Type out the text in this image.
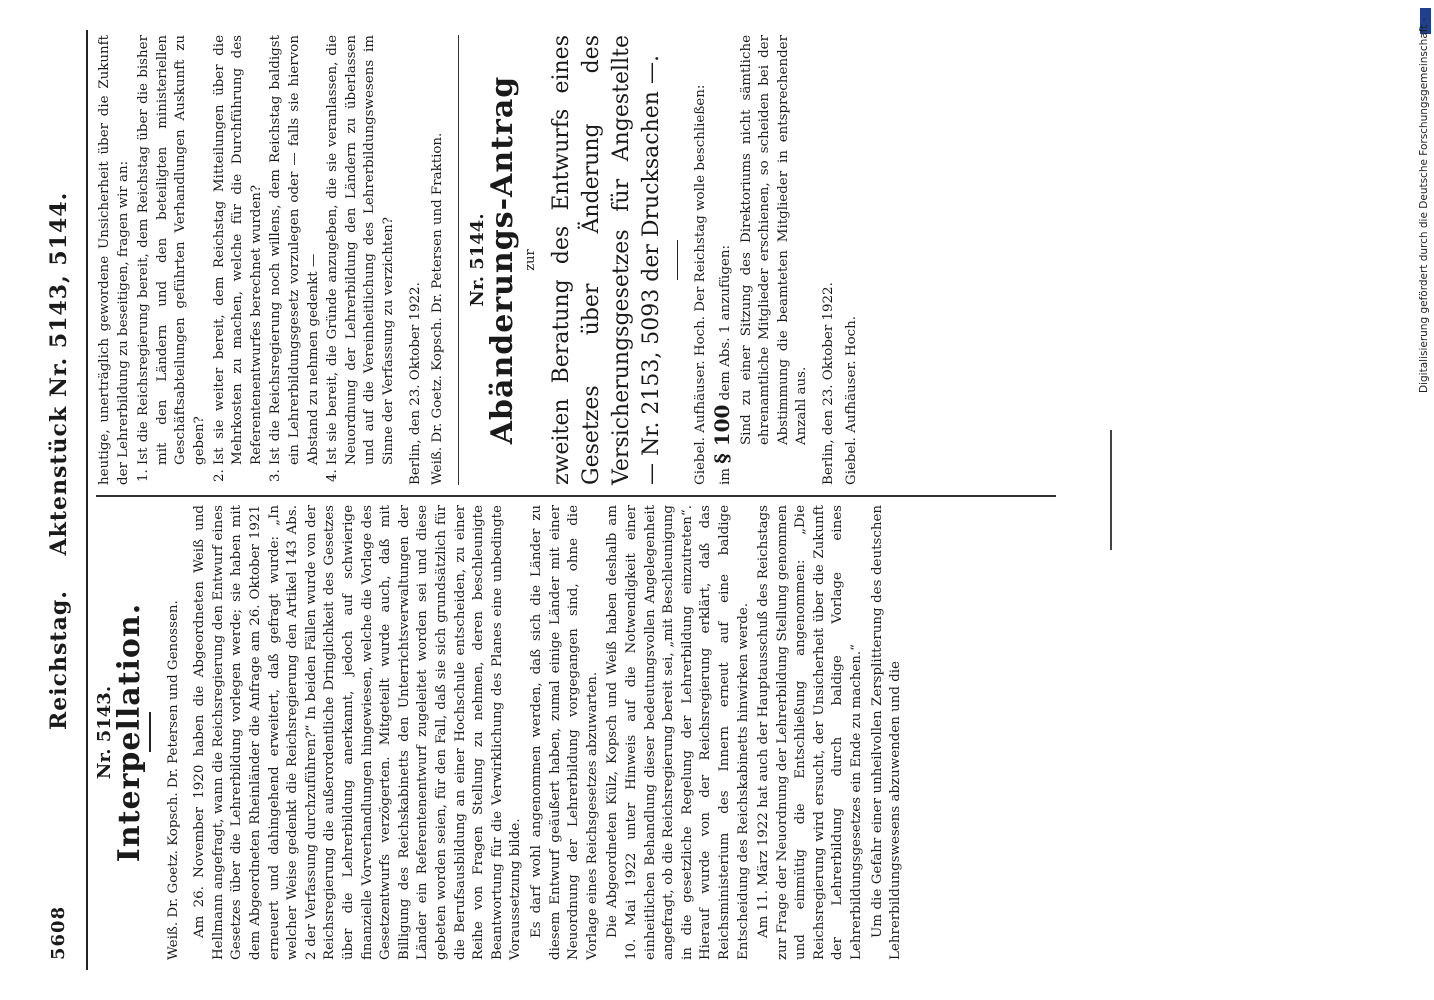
5608
Reichstag. Aktenstück Nr. 5143, 5144.
Nr. 5143.
Interpellation. Weiß. Dr. Goetz. Kopsch. Dr. Petersen und Genossen. Am 26. November 1920 haben die Abgeordneten Weiß und Hellmann angefragt, wann die Reichsregierung den Entwurf eines Gesetzes über die Lehrerbildung vorlegen werde; sie haben mit dem Abgeordneten Rheinländer die Anfrage am 26. Oktober 1921 erneuert und dahingehend erweitert, daß gefragt wurde: „In welcher Weise gedenkt die Reichsregierung den Artikel 143 Abs. 2 der Verfassung durchzuführen?“ In beiden Fällen wurde von der Reichsregierung die außerordentliche Dringlichkeit des Gesetzes über die Lehrerbildung anerkannt, jedoch auf schwierige finanzielle Vorverhandlungen hingewiesen, welche die Vorlage des Gesetzentwurfs verzögerten. Mitgeteilt wurde auch, daß mit Billigung des Reichskabinetts den Unterrichtsverwaltungen der Länder ein Referentenentwurf zugeleitet worden sei und diese gebeten worden seien, für den Fall, daß sie sich grundsätzlich für die Berufsausbildung an einer Hochschule entscheiden, zu einer Reihe von Fragen Stellung zu nehmen, deren beschleunigte Beantwortung für die Verwirklichung des Planes eine unbedingte Voraussetzung bilde. Es darf wohl angenommen werden, daß sich die Länder zu diesem Entwurf geäußert haben, zumal einige Länder mit einer Neuordnung der Lehrerbildung vorgegangen sind, ohne die Vorlage eines Reichsgesetzes abzuwarten. Die Abgeordneten Külz, Kopsch und Weiß haben deshalb am 10. Mai 1922 unter Hinweis auf die Notwendigkeit einer einheitlichen Behandlung dieser bedeutungsvollen Angelegenheit angefragt, ob die Reichsregierung bereit sei, „mit Beschleunigung in die gesetzliche Regelung der Lehrerbildung einzutreten“. Hierauf wurde von der Reichsregierung erklärt, daß das Reichsministerium des Innern erneut auf eine baldige Entscheidung des Reichskabinetts hinwirken werde. Am 11. März 1922 hat auch der Hauptausschuß des Reichstags zur Frage der Neuordnung der Lehrerbildung Stellung genommen und einmütig die Entschließung angenommen: „Die Reichsregierung wird ersucht, der Unsicherheit über die Zukunft der Lehrerbildung durch baldige Vorlage eines Lehrerbildungsgesetzes ein Ende zu machen.“ Um die Gefahr einer unheilvollen Zersplitterung des deutschen Lehrerbildungswesens abzuwenden und die

heutige, unerträglich gewordene Unsicherheit über die Zukunft der Lehrerbildung zu beseitigen, fragen wir an: 1. Ist die Reichsregierung bereit, dem Reichstag über die bisher mit den Ländern und den beteiligten ministeriellen Geschäftsabteilungen geführten Verhandlungen Auskunft zu geben? 2. Ist sie weiter bereit, dem Reichstag Mitteilungen über die Mehrkosten zu machen, welche für die Durchführung des Referentenentwurfes berechnet wurden? 3. Ist die Reichsregierung noch willens, dem Reichstag baldigst ein Lehrerbildungsgesetz vorzulegen oder — falls sie hiervon Abstand zu nehmen gedenkt — 4. Ist sie bereit, die Gründe anzugeben, die sie veranlassen, die Neuordnung der Lehrerbildung den Ländern zu überlassen und auf die Vereinheitlichung des Lehrerbildungswesens im Sinne der Verfassung zu verzichten? Berlin, den 23. Oktober 1922. Weiß. Dr. Goetz. Kopsch. Dr. Petersen und Fraktion. Nr. 5144.
Abänderungs-Antrag zur zweiten Beratung des Entwurfs eines Gesetzes über Änderung des Versicherungsgesetzes für Angestellte — Nr. 2153, 5093 der Drucksachen —. Giebel. Aufhäuser. Hoch. Der Reichstag wolle beschließen: im § 100 dem Abs. 1 anzufügen: Sind zu einer Sitzung des Direktoriums nicht sämtliche ehrenamtliche Mitglieder erschienen, so scheiden bei der Abstimmung die beamteten Mitglieder in entsprechender Anzahl aus. Berlin, den 23. Oktober 1922. Giebel. Aufhäuser. Hoch.

Digitalisierung gefördert durch die Deutsche Forschungsgemeinschaft -
